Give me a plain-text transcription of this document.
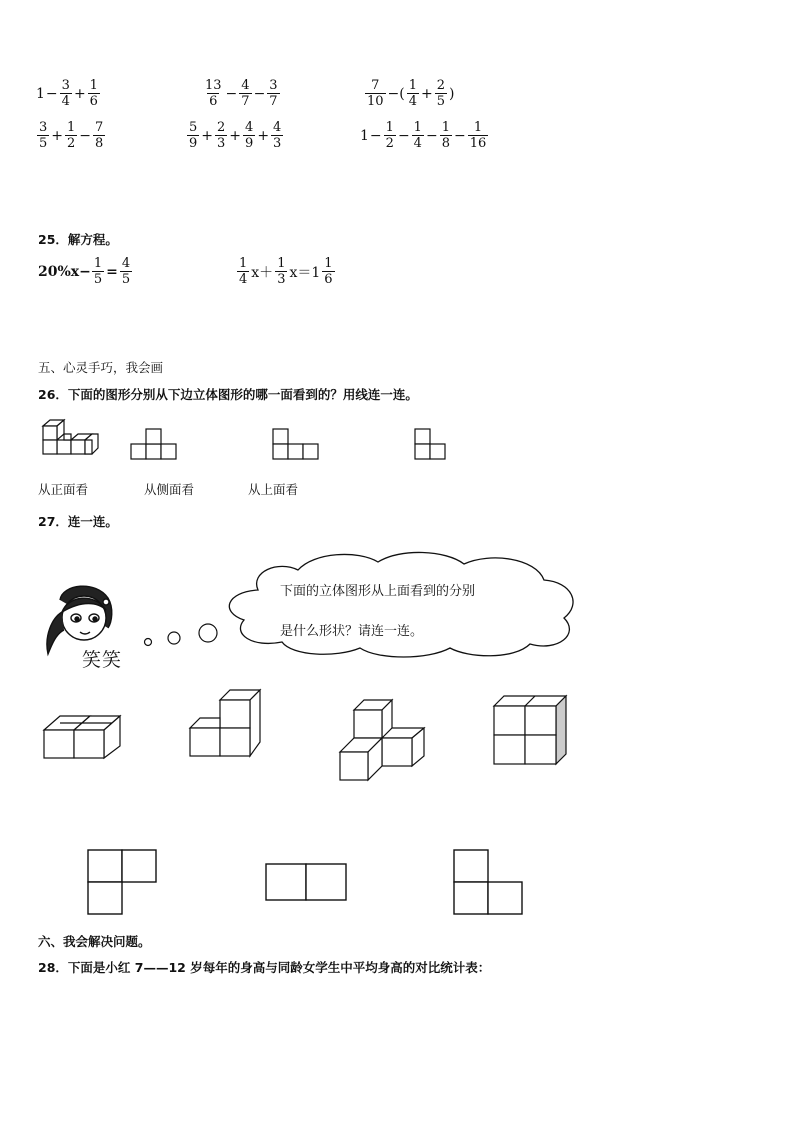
$1 - \frac{3}{4} + \frac{1}{6}$	$\frac{13}{6} - \frac{4}{7} - \frac{3}{7}$	$\frac{7}{10}$ −( $\frac{1}{4} + \frac{2}{5}$ )
$\frac{3}{5} + \frac{1}{2} - \frac{7}{8}$	$\frac{5}{9} + \frac{2}{3} + \frac{4}{9} + \frac{4}{3}$	$1 - \frac{1}{2} - \frac{1}{4} - \frac{1}{8} - \frac{1}{16}$
25．解方程。
$20\%x- \frac{1}{5} = \frac{4}{5}$	$\frac{1}{4} x+ \frac{1}{3} x=1 \frac{1}{6}$
五、心灵手巧，我会画
26．下面的图形分别从下边立体图形的哪一面看到的？用线连一连。
从正面看	从侧面看	从上面看
27．连一连。
笑笑
下面的立体图形从上面看到的分别
是什么形状？请连一连。
六、我会解决问题。
28．下面是小红 7——12 岁每年的身高与同龄女学生中平均身高的对比统计表：
